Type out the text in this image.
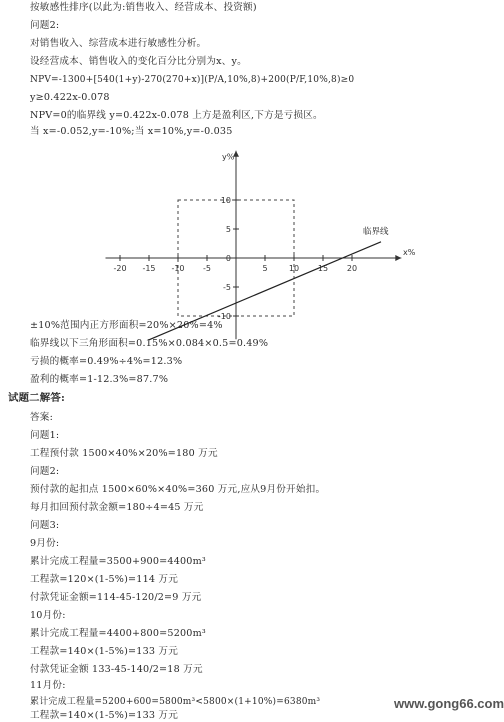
按敏感性排序(以此为:销售收入、经营成本、投资额)
问题2:
对销售收入、综营成本进行敏感性分析。
设经营成本、销售收入的变化百分比分别为x、y。
NPV=-1300+[540(1+y)-270(270+x)](P/A,10%,8)+200(P/F,10%,8)≥0
y≥0.422x-0.078
NPV=0的临界线 y=0.422x-0.078 上方是盈利区,下方是亏损区。
当 x=-0.052,y=-10%;当 x=10%,y=-0.035
-20 -15 -10 -5	5	10 15 20
10
5
0
-5
-10
x%
y%
临界线
±10%范围内正方形面积=20%×20%=4%
临界线以下三角形面积=0.15%×0.084×0.5=0.49%
亏损的概率=0.49%÷4%=12.3%
盈利的概率=1-12.3%=87.7%
试题二解答:
答案:
问题1:
工程预付款 1500×40%×20%=180 万元
问题2:
预付款的起扣点 1500×60%×40%=360 万元,应从9月份开始扣。
每月扣回预付款金额=180÷4=45 万元
问题3:
9月份:
累计完成工程量=3500+900=4400m³
工程款=120×(1-5%)=114 万元
付款凭证金额=114-45-120/2=9 万元
10月份:
累计完成工程量=4400+800=5200m³
工程款=140×(1-5%)=133 万元
付款凭证金额 133-45-140/2=18 万元
11月份:
累计完成工程量=5200+600=5800m³<5800×(1+10%)=6380m³
工程款=140×(1-5%)=133 万元
www.gong66.com
